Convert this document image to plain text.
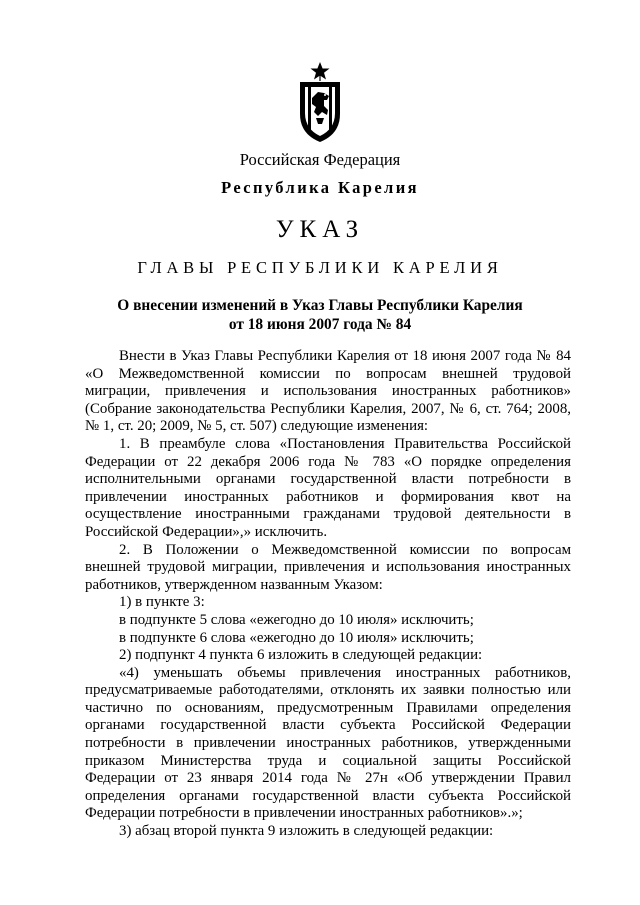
Российская Федерация
Республика Карелия
УКАЗ
ГЛАВЫ РЕСПУБЛИКИ КАРЕЛИЯ
О внесении изменений в Указ Главы Республики Карелия
от 18 июня 2007 года № 84
Внести в Указ Главы Республики Карелия от 18 июня 2007 года № 84
«О Межведомственной комиссии по вопросам внешней трудовой
миграции, привлечения и использования иностранных работников»
(Собрание законодательства Республики Карелия, 2007, № 6, ст. 764; 2008,
№ 1, ст. 20; 2009, № 5, ст. 507) следующие изменения:
1. В преамбуле слова «Постановления Правительства Российской
Федерации от 22 декабря 2006 года № 783 «О порядке определения
исполнительными органами государственной власти потребности в
привлечении иностранных работников и формирования квот на
осуществление иностранными гражданами трудовой деятельности в
Российской Федерации»,» исключить.
2. В Положении о Межведомственной комиссии по вопросам
внешней трудовой миграции, привлечения и использования иностранных
работников, утвержденном названным Указом:
1) в пункте 3:
в подпункте 5 слова «ежегодно до 10 июля» исключить;
в подпункте 6 слова «ежегодно до 10 июля» исключить;
2) подпункт 4 пункта 6 изложить в следующей редакции:
«4) уменьшать объемы привлечения иностранных работников,
предусматриваемые работодателями, отклонять их заявки полностью или
частично по основаниям, предусмотренным Правилами определения
органами государственной власти субъекта Российской Федерации
потребности в привлечении иностранных работников, утвержденными
приказом Министерства труда и социальной защиты Российской
Федерации от 23 января 2014 года № 27н «Об утверждении Правил
определения органами государственной власти субъекта Российской
Федерации потребности в привлечении иностранных работников».»;
3) абзац второй пункта 9 изложить в следующей редакции:
